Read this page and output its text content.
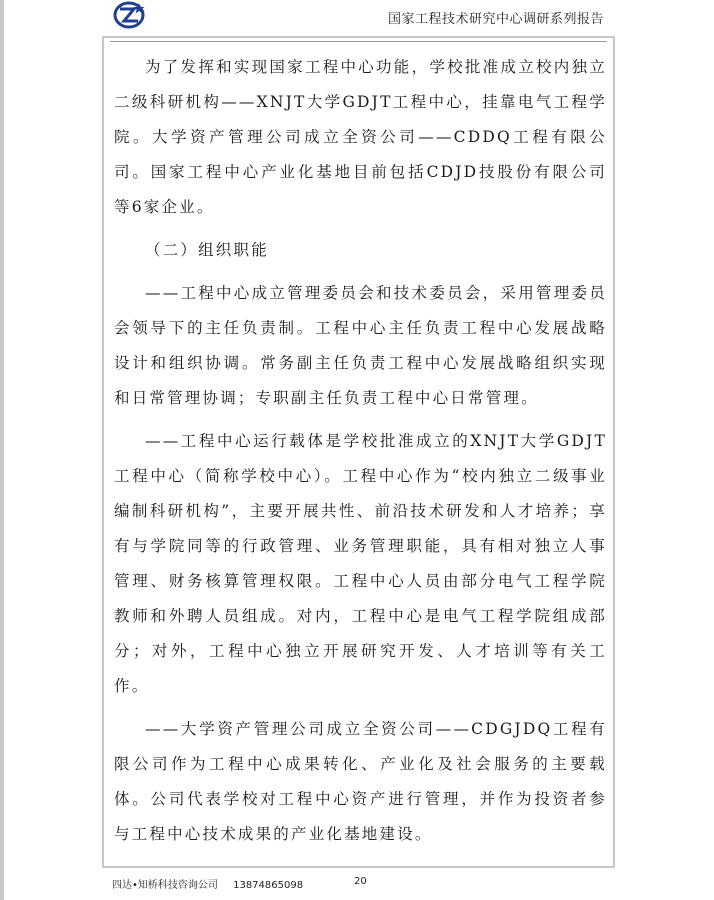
国家工程技术研究中心调研系列报告

为了发挥和实现国家工程中心功能，学校批准成立校内独立二级科研机构——XNJT大学GDJT工程中心，挂靠电气工程学院。大学资产管理公司成立全资公司——CDDQ工程有限公司。国家工程中心产业化基地目前包括CDJD技股份有限公司等6家企业。

（二）组织职能

——工程中心成立管理委员会和技术委员会，采用管理委员会领导下的主任负责制。工程中心主任负责工程中心发展战略设计和组织协调。常务副主任负责工程中心发展战略组织实现和日常管理协调；专职副主任负责工程中心日常管理。

——工程中心运行载体是学校批准成立的XNJT大学GDJT工程中心（简称学校中心）。工程中心作为“校内独立二级事业编制科研机构”，主要开展共性、前沿技术研发和人才培养；享有与学院同等的行政管理、业务管理职能，具有相对独立人事管理、财务核算管理权限。工程中心人员由部分电气工程学院教师和外聘人员组成。对内，工程中心是电气工程学院组成部分；对外，工程中心独立开展研究开发、人才培训等有关工作。

——大学资产管理公司成立全资公司——CDGJDQ工程有限公司作为工程中心成果转化、产业化及社会服务的主要载体。公司代表学校对工程中心资产进行管理，并作为投资者参与工程中心技术成果的产业化基地建设。

四达•知桥科技咨询公司 13874865098	20
